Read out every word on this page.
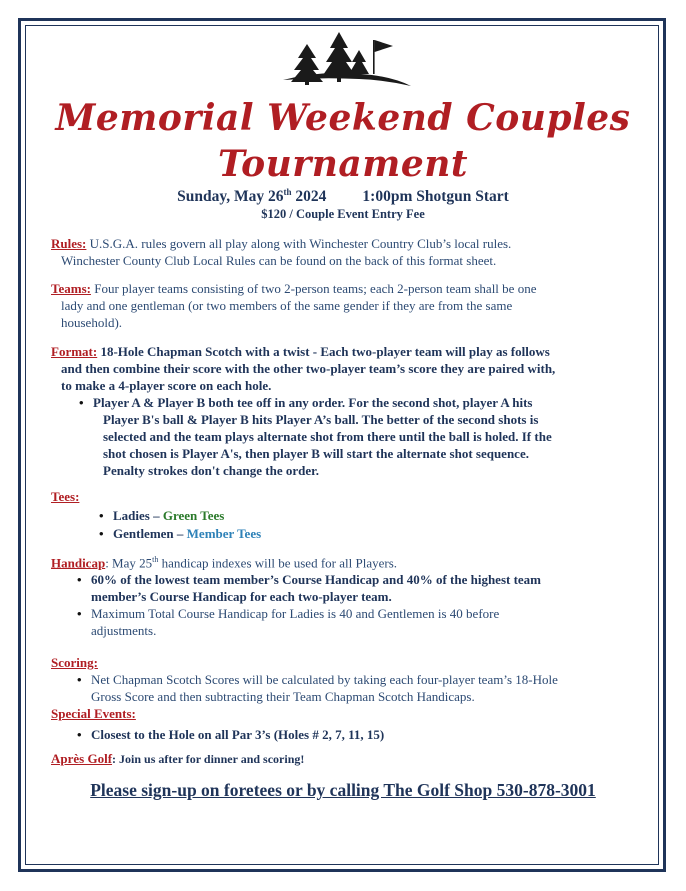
Memorial Weekend Couples
Tournament
Sunday, May 26th 2024 1:00pm Shotgun Start
$120 / Couple Event Entry Fee
Rules: U.S.G.A. rules govern all play along with Winchester Country Club’s local rules.
Winchester County Club Local Rules can be found on the back of this format sheet.
Teams: Four player teams consisting of two 2-person teams; each 2-person team shall be one
lady and one gentleman (or two members of the same gender if they are from the same
household).
Format: 18-Hole Chapman Scotch with a twist - Each two-player team will play as follows
and then combine their score with the other two-player team’s score they are paired with,
to make a 4-player score on each hole.
• Player A & Player B both tee off in any order. For the second shot, player A hits
Player B's ball & Player B hits Player A’s ball. The better of the second shots is
selected and the team plays alternate shot from there until the ball is holed. If the
shot chosen is Player A's, then player B will start the alternate shot sequence.
Penalty strokes don't change the order.
Tees:
• Ladies – Green Tees
• Gentlemen – Member Tees
Handicap: May 25th handicap indexes will be used for all Players.
• 60% of the lowest team member’s Course Handicap and 40% of the highest team
member’s Course Handicap for each two-player team.
• Maximum Total Course Handicap for Ladies is 40 and Gentlemen is 40 before
adjustments.
Scoring:
• Net Chapman Scotch Scores will be calculated by taking each four-player team’s 18-Hole
Gross Score and then subtracting their Team Chapman Scotch Handicaps.
Special Events:
• Closest to the Hole on all Par 3’s (Holes # 2, 7, 11, 15)
Après Golf: Join us after for dinner and scoring!
Please sign-up on foretees or by calling The Golf Shop 530-878-3001
